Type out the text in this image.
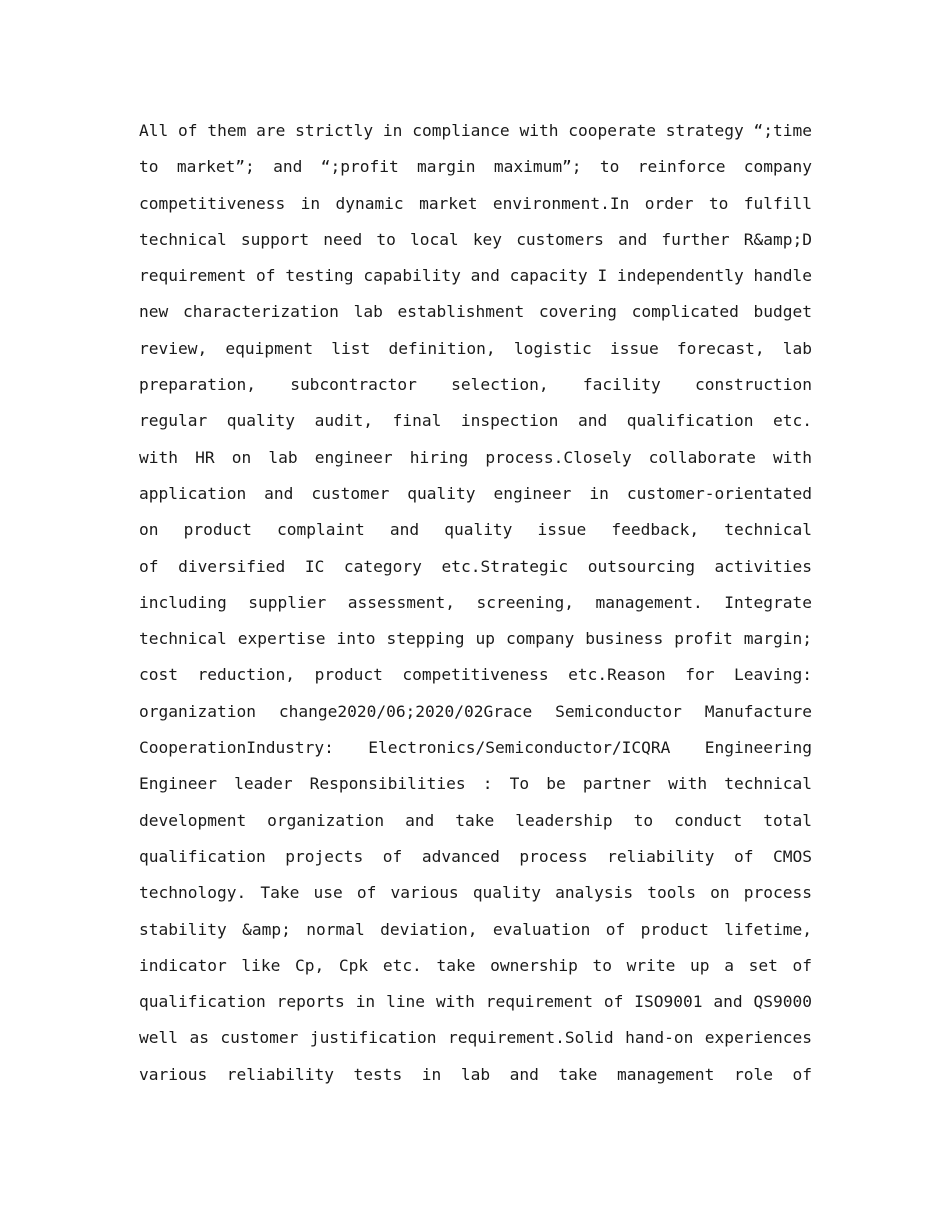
All of them are strictly in compliance with cooperate strategy “;time
to market”; and “;profit margin maximum”; to reinforce company
competitiveness in dynamic market environment.In order to fulfill
technical support need to local key customers and further R&amp;D
requirement of testing capability and capacity I independently handle
new characterization lab establishment covering complicated budget
review, equipment list definition, logistic issue forecast, lab
preparation, subcontractor selection, facility construction
regular quality audit, final inspection and qualification etc.
with HR on lab engineer hiring process.Closely collaborate with
application and customer quality engineer in customer-orientated
on product complaint and quality issue feedback, technical
of diversified IC category etc.Strategic outsourcing activities
including supplier assessment, screening, management. Integrate
technical expertise into stepping up company business profit margin;
cost reduction, product competitiveness etc.Reason for Leaving:
organization change2020/06;2020/02Grace Semiconductor Manufacture
CooperationIndustry: Electronics/Semiconductor/ICQRA Engineering
Engineer leader Responsibilities : To be partner with technical
development organization and take leadership to conduct total
qualification projects of advanced process reliability of CMOS
technology. Take use of various quality analysis tools on process
stability &amp; normal deviation, evaluation of product lifetime,
indicator like Cp, Cpk etc. take ownership to write up a set of
qualification reports in line with requirement of ISO9001 and QS9000
well as customer justification requirement.Solid hand-on experiences
various reliability tests in lab and take management role of
